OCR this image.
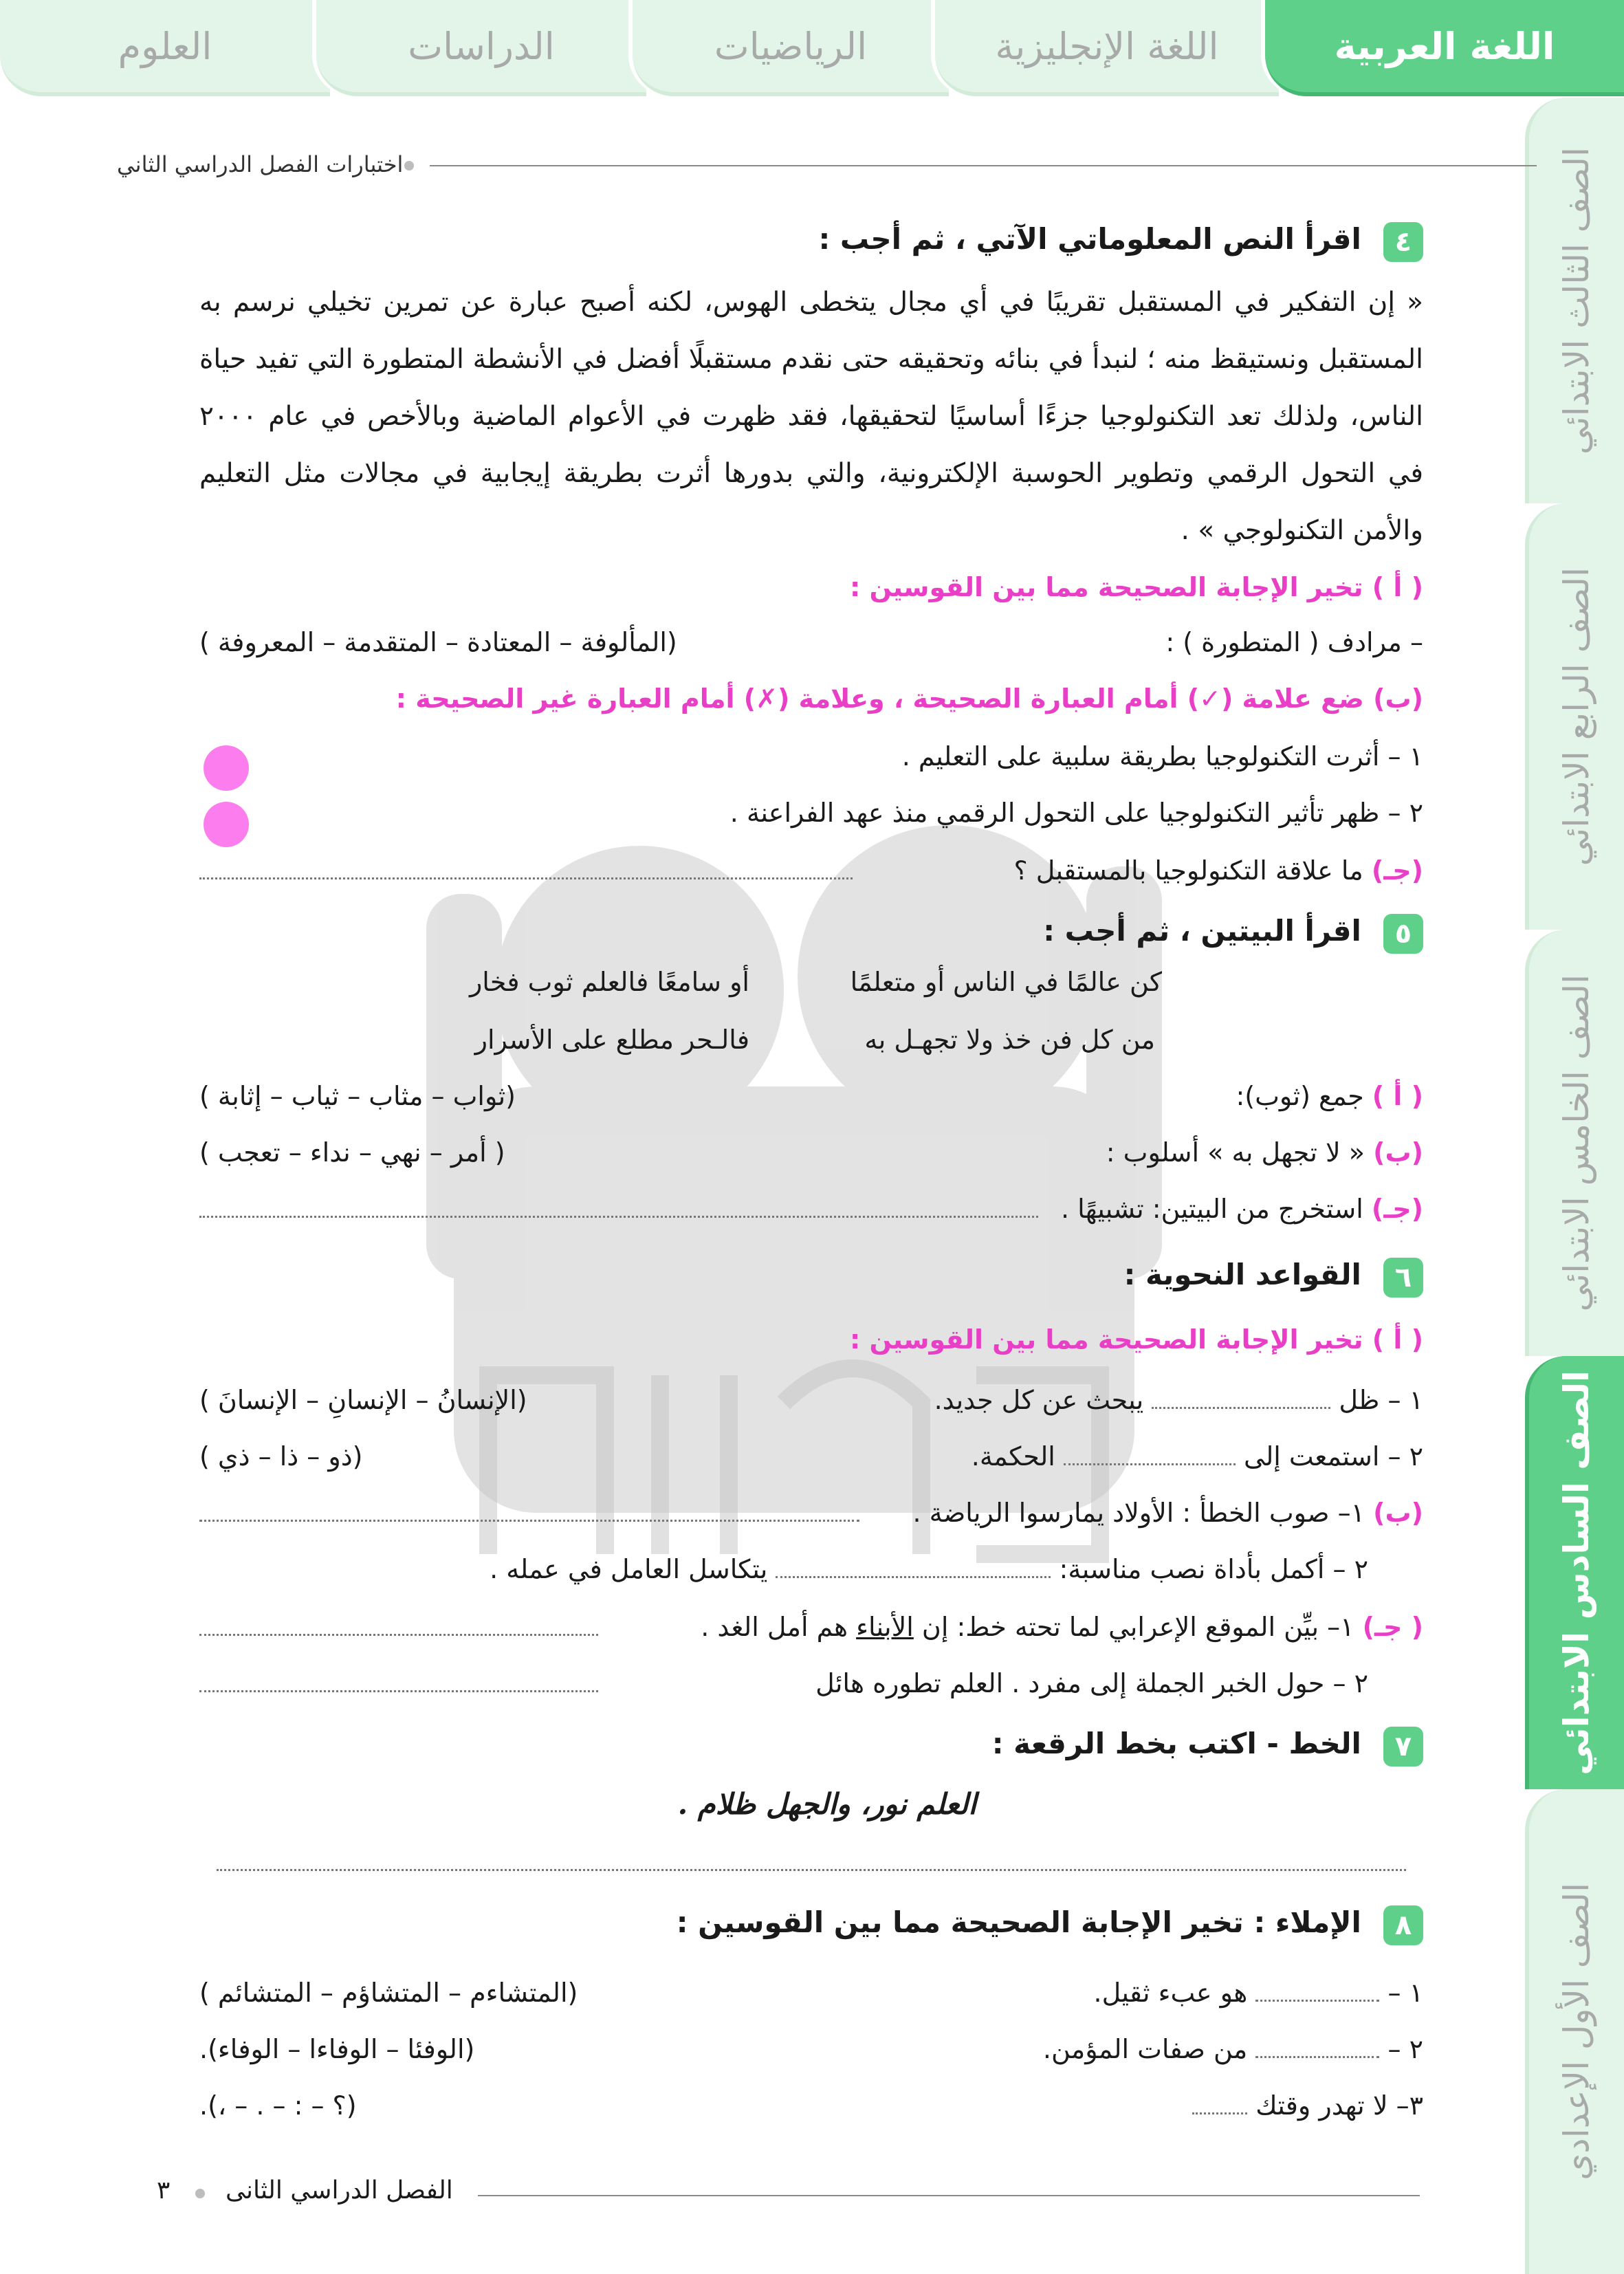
العلوم	الدراسات	الرياضيات	اللغة الإنجليزية	اللغة العربية
الصف الثالث الابتدائي
الصف الرابع الابتدائي
الصف الخامس الابتدائي
الصف السادس الابتدائي
الصف الأول الإعدادي
اختبارات الفصل الدراسي الثاني
٤ اقرأ النص المعلوماتي الآتي ، ثم أجب :
« إن التفكير في المستقبل تقريبًا في أي مجال يتخطى الهوس، لكنه أصبح عبارة عن تمرين تخيلي نرسم به المستقبل ونستيقظ منه ؛ لنبدأ في بنائه وتحقيقه حتى نقدم مستقبلًا أفضل في الأنشطة المتطورة التي تفيد حياة الناس، ولذلك تعد التكنولوجيا جزءًا أساسيًا لتحقيقها، فقد ظهرت في الأعوام الماضية وبالأخص في عام ٢٠٠٠ في التحول الرقمي وتطوير الحوسبة الإلكترونية، والتي بدورها أثرت بطريقة إيجابية في مجالات مثل التعليم والأمن التكنولوجي » .
( أ ) تخير الإجابة الصحيحة مما بين القوسين :
– مرادف ( المتطورة ) :
(المألوفة – المعتادة – المتقدمة – المعروفة )
(ب) ضع علامة (✓) أمام العبارة الصحيحة ، وعلامة (✗) أمام العبارة غير الصحيحة :
١ – أثرت التكنولوجيا بطريقة سلبية على التعليم .
٢ – ظهر تأثير التكنولوجيا على التحول الرقمي منذ عهد الفراعنة .
(جـ) ما علاقة التكنولوجيا بالمستقبل ؟
٥ اقرأ البيتين ، ثم أجب :
كن عالمًا في الناس أو متعلمًا
أو سامعًا فالعلم ثوب فخار
من كل فن خذ ولا تجهـل به
فالـحر مطلع على الأسرار
( أ ) جمع (ثوب):
(ثواب – مثاب – ثياب – إثابة )
(ب) « لا تجهل به » أسلوب :
( أمر – نهي – نداء – تعجب )
(جـ) استخرج من البيتين: تشبيهًا .
٦ القواعد النحوية :
( أ ) تخير الإجابة الصحيحة مما بين القوسين :
١ – ظل  يبحث عن كل جديد.
(الإنسانُ – الإنسانِ – الإنسانَ )
٢ – استمعت إلى  الحكمة.
(ذو – ذا – ذي )
(ب) ١– صوب الخطأ : الأولاد يمارسوا الرياضة .
٢ – أكمل بأداة نصب مناسبة:  يتكاسل العامل في عمله .
( جـ) ١– بيِّن الموقع الإعرابي لما تحته خط: إن الأبناء هم أمل الغد .
٢ – حول الخبر الجملة إلى مفرد . العلم تطوره هائل
٧ الخط - اكتب بخط الرقعة :
العلم نور، والجهل ظلام .
٨ الإملاء : تخير الإجابة الصحيحة مما بين القوسين :
١ –  هو عبء ثقيل.
(المتشاءم – المتشاؤم – المتشائم )
٢ –  من صفات المؤمن.
(الوفئا – الوفاءا – الوفاء).
٣– لا تهدر وقتك
(؟ – : – . – ،).
٣ الفصل الدراسي الثانى
